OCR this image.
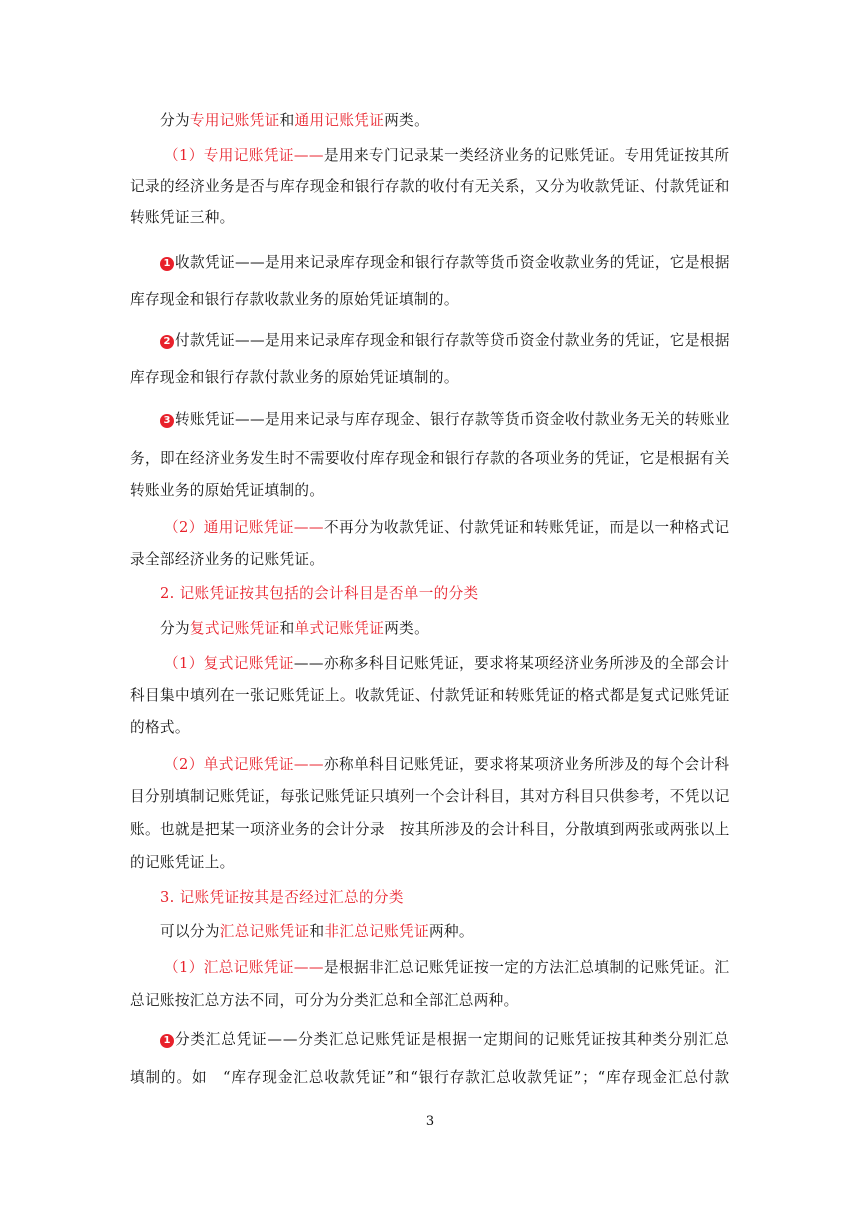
分为专用记账凭证和通用记账凭证两类。
（1）专用记账凭证——是用来专门记录某一类经济业务的记账凭证。专用凭证按其所
记录的经济业务是否与库存现金和银行存款的收付有无关系，又分为收款凭证、付款凭证和
转账凭证三种。
1 收款凭证——是用来记录库存现金和银行存款等货币资金收款业务的凭证，它是根据
库存现金和银行存款收款业务的原始凭证填制的。
2 付款凭证——是用来记录库存现金和银行存款等贷币资金付款业务的凭证，它是根据
库存现金和银行存款付款业务的原始凭证填制的。
3 转账凭证——是用来记录与库存现金、银行存款等货币资金收付款业务无关的转账业
务，即在经济业务发生时不需要收付库存现金和银行存款的各项业务的凭证，它是根据有关
转账业务的原始凭证填制的。
（2）通用记账凭证——不再分为收款凭证、付款凭证和转账凭证，而是以一种格式记
录全部经济业务的记账凭证。
2. 记账凭证按其包括的会计科目是否单一的分类
分为复式记账凭证和单式记账凭证两类。
（1）复式记账凭证——亦称多科目记账凭证，要求将某项经济业务所涉及的全部会计
科目集中填列在一张记账凭证上。收款凭证、付款凭证和转账凭证的格式都是复式记账凭证
的格式。
（2）单式记账凭证——亦称单科目记账凭证，要求将某项济业务所涉及的每个会计科
目分别填制记账凭证，每张记账凭证只填列一个会计科目，其对方科目只供参考，不凭以记
账。也就是把某一项济业务的会计分录　按其所涉及的会计科目，分散填到两张或两张以上
的记账凭证上。
3. 记账凭证按其是否经过汇总的分类
可以分为汇总记账凭证和非汇总记账凭证两种。
（1）汇总记账凭证——是根据非汇总记账凭证按一定的方法汇总填制的记账凭证。汇
总记账按汇总方法不同，可分为分类汇总和全部汇总两种。
1 分类汇总凭证——分类汇总记账凭证是根据一定期间的记账凭证按其种类分别汇总
填制的。如　“库存现金汇总收款凭证”和“银行存款汇总收款凭证”；“库存现金汇总付款
3
